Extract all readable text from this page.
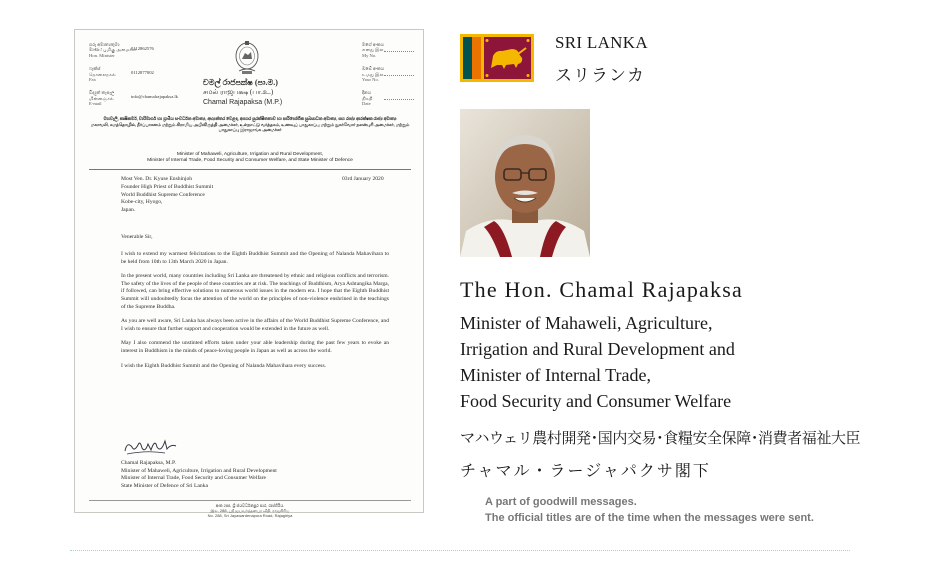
ගරු අමාත්‍යතුමා
මාණ்புமிகு அமைச்சர்
Hon. Minister
0112862576
ෆැක්ස්
தொலைநகல்
Fax
0112877002
විද්‍යුත් තැපෑල
மின்னஞ்சல்
E-mail
info@chamalrajapaksa.lk
මගේ අංකය
எனது இல.
My No.
ඔබේ අංකය
உமது இல.
Your No.
දිනය
திகதி
Date
චමල් රාජපක්ෂ (පා.ම.)
சமல் ராஜபக்ஷ (பா.உ.)
Chamal Rajapaksa (M.P.)
මහවැලි, කෘෂිකර්ම, වාරිමාර්ග හා ග්‍රාමීය සංවර්ධන අමාත්‍ය, අභ්‍යන්තර වෙළඳ, ආහාර සුරක්ෂිතතාව හා පාරිභෝගික සුබසාධන අමාත්‍ය, සහ රාජ්‍ය ආරක්ෂක රාජ්‍ය අමාත්‍ය
மகாவலி, கமத்தொழில், நீர்ப்பாசனம் மற்றும் கிராமிய அபிவிருத்தி அமைச்சர், உள்நாட்டு வர்த்தகம், உணவுப் பாதுகாப்பு மற்றும் நுகர்வோர் நலன்புரி அமைச்சர், மற்றும் பாதுகாப்பு இராஜாங்க அமைச்சர்
Minister of Mahaweli, Agriculture, Irrigation and Rural Development,
Minister of Internal Trade, Food Security and Consumer Welfare, and State Minister of Defence
03rd January 2020
Most Ven. Dr. Kyuse Enshinjoh
Founder High Priest of Buddhist Summit
World Buddhist Supreme Conference
Kobe-city, Hyogo,
Japan.
Venerable Sir,

I wish to extend my warmest felicitations to the Eighth Buddhist Summit and the Opening of Nalanda Mahavihara to be held from 10th to 13th March 2020 in Japan.

In the present world, many countries including Sri Lanka are threatened by ethnic and religious conflicts and terrorism. The safety of the lives of the people of these countries are at risk. The teachings of Buddhism, Arya Ashtangika Marga, if followed, can bring effective solutions to numerous world issues in the modern era. I hope that the Eighth Buddhist Summit will undoubtedly focus the attention of the world on the principles of non-violence enshrined in the teachings of the Supreme Buddha.

As you are well aware, Sri Lanka has always been active in the affairs of the World Buddhist Supreme Conference, and I wish to ensure that further support and cooperation would be extended in the future as well.

May I also commend the unstinted efforts taken under your able leadership during the past few years to evoke an interest in Buddhism in the minds of peace-loving people in Japan as well as across the world.

I wish the Eighth Buddhist Summit and the Opening of Nalanda Mahavihara every success.

Chamal Rajapaksa, M.P.
Minister of Mahaweli, Agriculture, Irrigation and Rural Development
Minister of Internal Trade, Food Security and Consumer Welfare
State Minister of Defence of Sri Lanka
අංක 288, ශ්‍රී ජයවර්ධනපුර පාර, රාජගිරිය.
இல. 288, ஸ்ரீ ஜயவர்த்தனபுர வீதி, ராஜகிரிய
No. 288, Sri Jayawardenapura Road, Rajagiriya
SRI LANKA
スリランカ
The Hon. Chamal Rajapaksa
Minister of Mahaweli, Agriculture,
Irrigation and Rural Development and
Minister of Internal Trade,
Food Security and Consumer Welfare
マハウェリ農村開発･国内交易･食糧安全保障･消費者福祉大臣
チャマル・ラージャパクサ閣下
A part of goodwill messages.
The official titles are of the time when the messages were sent.
